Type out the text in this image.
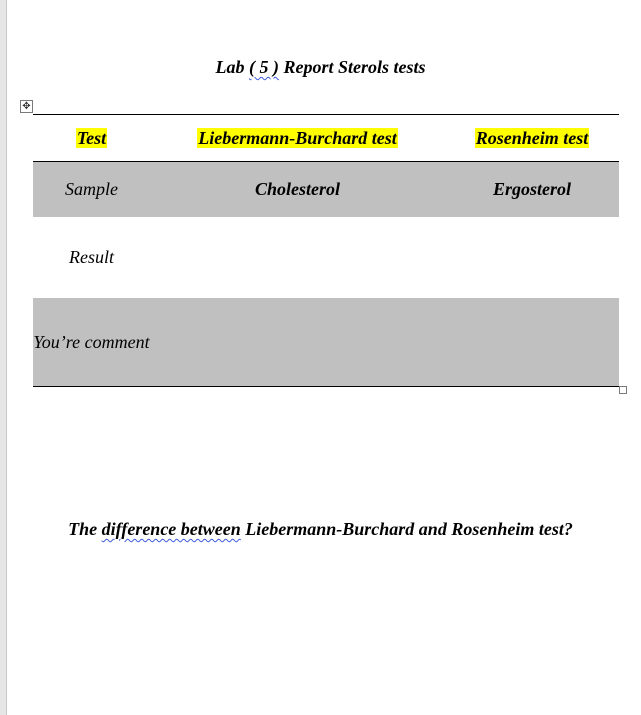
Lab ( 5 ) Report Sterols tests
✥
Test	Liebermann-Burchard test	Rosenheim test
Sample	Cholesterol	Ergosterol
Result
You’re comment
The difference between Liebermann-Burchard and Rosenheim test?
